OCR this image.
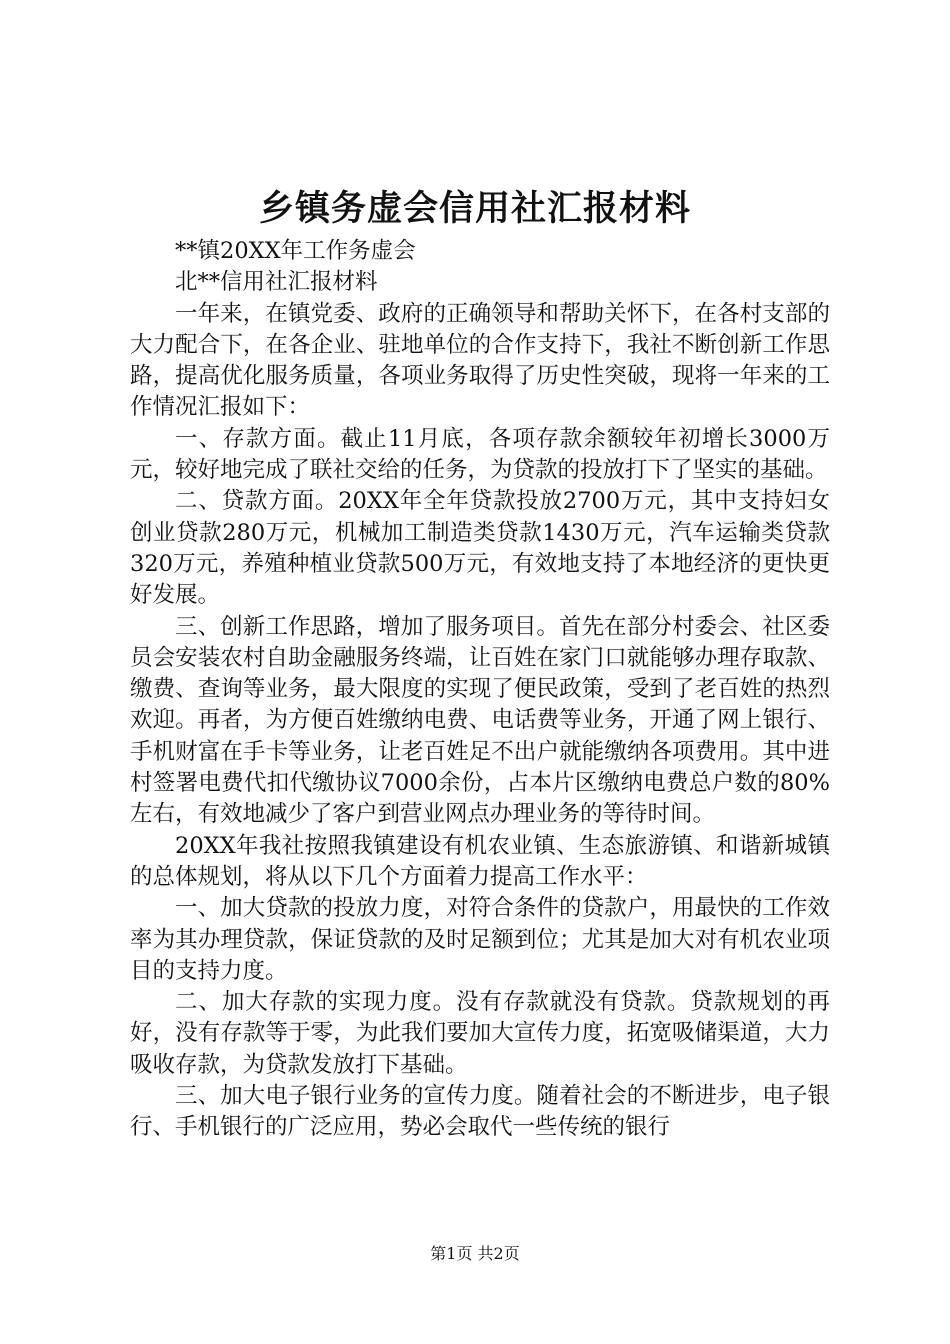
乡镇务虚会信用社汇报材料

**镇20XX年工作务虚会

北**信用社汇报材料

一年来，在镇党委、政府的正确领导和帮助关怀下，在各村支部的大力配合下，在各企业、驻地单位的合作支持下，我社不断创新工作思路，提高优化服务质量，各项业务取得了历史性突破，现将一年来的工作情况汇报如下：

一、存款方面。截止11月底，各项存款余额较年初增长3000万元，较好地完成了联社交给的任务，为贷款的投放打下了坚实的基础。

二、贷款方面。20XX年全年贷款投放2700万元，其中支持妇女创业贷款280万元，机械加工制造类贷款1430万元，汽车运输类贷款320万元，养殖种植业贷款500万元，有效地支持了本地经济的更快更好发展。

三、创新工作思路，增加了服务项目。首先在部分村委会、社区委员会安装农村自助金融服务终端，让百姓在家门口就能够办理存取款、缴费、查询等业务，最大限度的实现了便民政策，受到了老百姓的热烈欢迎。再者，为方便百姓缴纳电费、电话费等业务，开通了网上银行、手机财富在手卡等业务，让老百姓足不出户就能缴纳各项费用。其中进村签署电费代扣代缴协议7000余份，占本片区缴纳电费总户数的80%左右，有效地减少了客户到营业网点办理业务的等待时间。

20XX年我社按照我镇建设有机农业镇、生态旅游镇、和谐新城镇的总体规划，将从以下几个方面着力提高工作水平：

一、加大贷款的投放力度，对符合条件的贷款户，用最快的工作效率为其办理贷款，保证贷款的及时足额到位；尤其是加大对有机农业项目的支持力度。

二、加大存款的实现力度。没有存款就没有贷款。贷款规划的再好，没有存款等于零，为此我们要加大宣传力度，拓宽吸储渠道，大力吸收存款，为贷款发放打下基础。

三、加大电子银行业务的宣传力度。随着社会的不断进步，电子银行、手机银行的广泛应用，势必会取代一些传统的银行

第1页 共2页
